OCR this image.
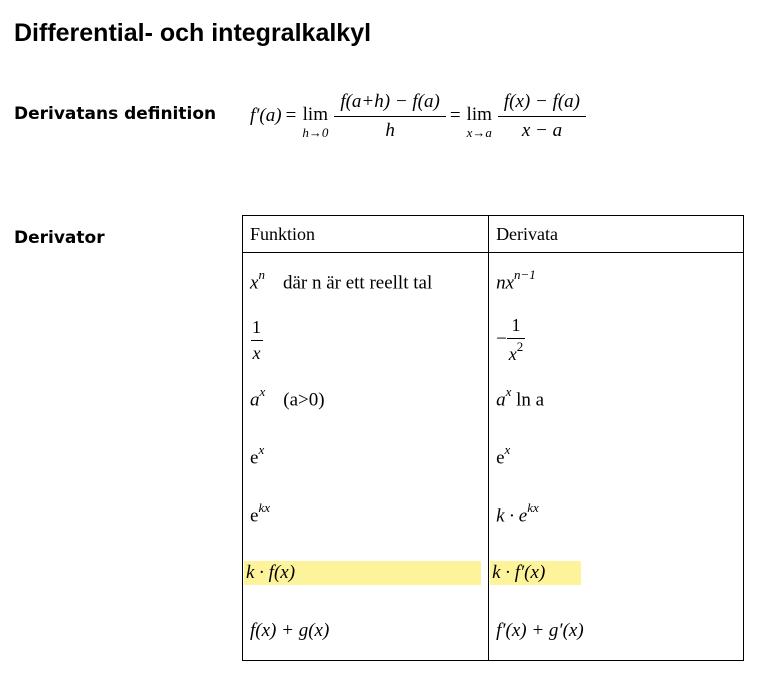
Differential- och integralkalkyl
Derivatans definition f′(a) = lim
$h\to 0 \frac{f(a+h) - f(a)}{h} = \lim$
$x\to a \frac{f(x) - f(a)}{x - a}$
Derivator	Funktion	Derivata
$x^n$ där n är ett reellt tal	$nx^{n-1}$

$\frac{1}{x}$	− $\frac{1}{x^2}$

$a^x$ (a>0)	$a^x$ ln a
$e^x$	$e^x$
$e^{kx}$	$k \cdot e^{kx}$
k · f(x)	k · f′(x)
f(x) + g(x)	f′(x) + g′(x)
